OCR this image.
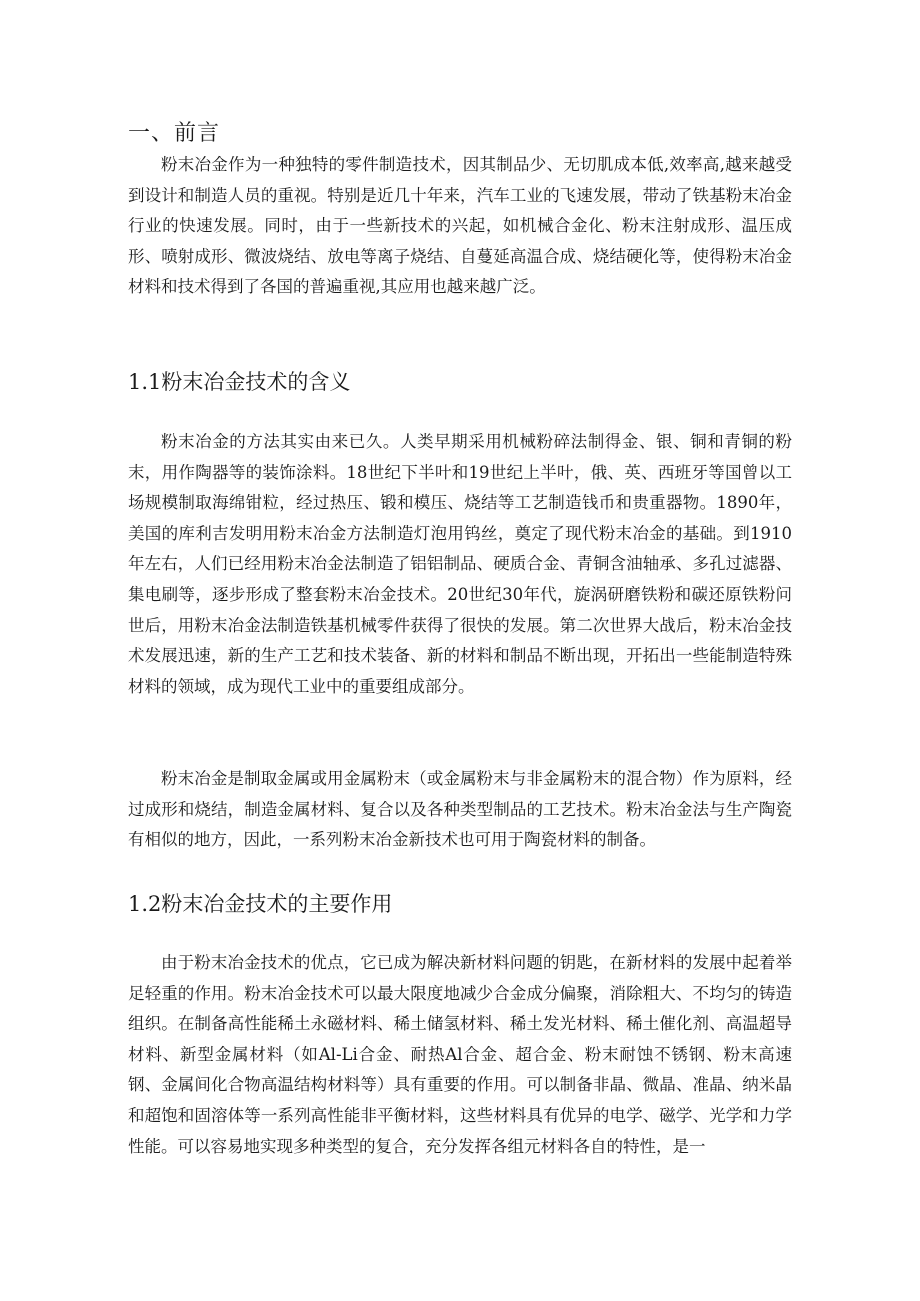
一、前言

粉末冶金作为一种独特的零件制造技术，因其制品少、无切肌成本低,效率高,越来越受到设计和制造人员的重视。特别是近几十年来，汽车工业的飞速发展，带动了铁基粉末冶金行业的快速发展。同时，由于一些新技术的兴起，如机械合金化、粉末注射成形、温压成形、喷射成形、微波烧结、放电等离子烧结、自蔓延高温合成、烧结硬化等，使得粉末冶金材料和技术得到了各国的普遍重视,其应用也越来越广泛。

1.1粉末冶金技术的含义

粉末冶金的方法其实由来已久。人类早期采用机械粉碎法制得金、银、铜和青铜的粉末，用作陶器等的装饰涂料。18世纪下半叶和19世纪上半叶，俄、英、西班牙等国曾以工场规模制取海绵钳粒，经过热压、锻和模压、烧结等工艺制造钱币和贵重器物。1890年，美国的库利吉发明用粉末冶金方法制造灯泡用钨丝，奠定了现代粉末冶金的基础。到1910年左右，人们已经用粉末冶金法制造了铝铝制品、硬质合金、青铜含油轴承、多孔过滤器、集电刷等，逐步形成了整套粉末冶金技术。20世纪30年代，旋涡研磨铁粉和碳还原铁粉问世后，用粉末冶金法制造铁基机械零件获得了很快的发展。第二次世界大战后，粉末冶金技术发展迅速，新的生产工艺和技术装备、新的材料和制品不断出现，开拓出一些能制造特殊材料的领域，成为现代工业中的重要组成部分。

粉末冶金是制取金属或用金属粉末（或金属粉末与非金属粉末的混合物）作为原料，经过成形和烧结，制造金属材料、复合以及各种类型制品的工艺技术。粉末冶金法与生产陶瓷有相似的地方，因此，一系列粉末冶金新技术也可用于陶瓷材料的制备。

1.2粉末冶金技术的主要作用

由于粉末冶金技术的优点，它已成为解决新材料问题的钥匙，在新材料的发展中起着举足轻重的作用。粉末冶金技术可以最大限度地减少合金成分偏聚，消除粗大、不均匀的铸造组织。在制备高性能稀土永磁材料、稀土储氢材料、稀土发光材料、稀土催化剂、高温超导材料、新型金属材料（如Al-Li合金、耐热Al合金、超合金、粉末耐蚀不锈钢、粉末高速钢、金属间化合物高温结构材料等）具有重要的作用。可以制备非晶、微晶、准晶、纳米晶和超饱和固溶体等一系列高性能非平衡材料，这些材料具有优异的电学、磁学、光学和力学性能。可以容易地实现多种类型的复合，充分发挥各组元材料各自的特性，是一
